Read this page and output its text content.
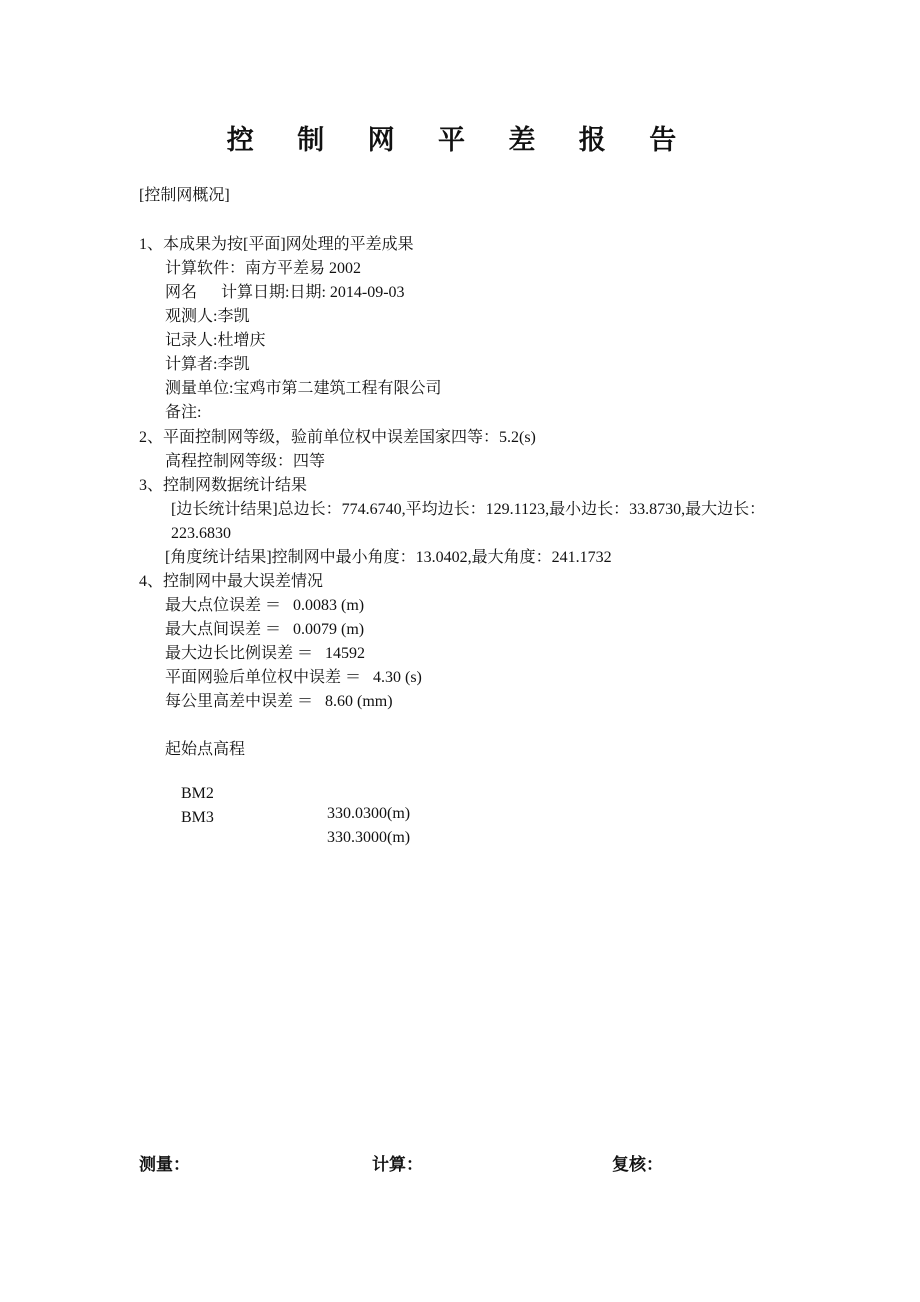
控 制 网 平 差 报 告
[控制网概况]
1、本成果为按[平面]网处理的平差成果
计算软件：南方平差易 2002
网名      计算日期:日期: 2014-09-03
观测人:李凯
记录人:杜增庆
计算者:李凯
测量单位:宝鸡市第二建筑工程有限公司
备注:
2、平面控制网等级，验前单位权中误差国家四等：5.2(s)
高程控制网等级：四等
3、控制网数据统计结果
[边长统计结果]总边长：774.6740,平均边长：129.1123,最小边长：33.8730,最大边长：
223.6830
[角度统计结果]控制网中最小角度：13.0402,最大角度：241.1732
4、控制网中最大误差情况
最大点位误差 ＝   0.0083 (m)
最大点间误差 ＝   0.0079 (m)
最大边长比例误差 ＝   14592
平面网验后单位权中误差 ＝   4.30 (s)
每公里高差中误差 ＝   8.60 (mm)
起始点高程

BM2

330.0300(m)

BM3

330.3000(m)

测量：	计算：	复核：
